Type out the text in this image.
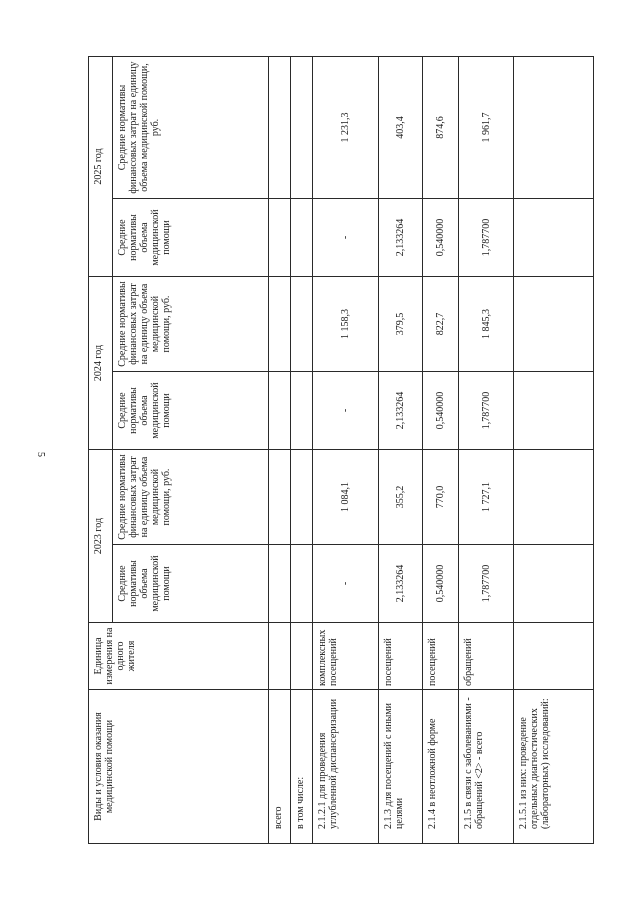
5
Виды и условия оказания медицинской помощи	Единица измерения на одного жителя	2023 год		2024 год		2025 год	
		Средние нормативы объема медицинской помощи	Средние нормативы финансовых затрат на единицу объема медицинской помощи, руб.	Средние нормативы объема медицинской помощи	Средние нормативы финансовых затрат на единицу объема медицинской помощи, руб.	Средние нормативы объема медицинской помощи	Средние нормативы финансовых затрат на единицу объема медицинской помощи, руб.
всего							
в том числе:							
2.1.2.1 для проведения углубленной диспансеризации	комплексных посещений	-	1 084,1	-	1 158,3	-	1 231,3
2.1.3 для посещений с иными целями	посещений	2,133264	355,2	2,133264	379,5	2,133264	403,4
2.1.4 в неотложной форме	посещений	0,540000	770,0	0,540000	822,7	0,540000	874,6
2.1.5 в связи с заболеваниями - обращений <2> - всего	обращений	1,787700	1 727,1	1,787700	1 845,3	1,787700	1 961,7
2.1.5.1 из них: проведение отдельных диагностических (лабораторных) исследований:							
